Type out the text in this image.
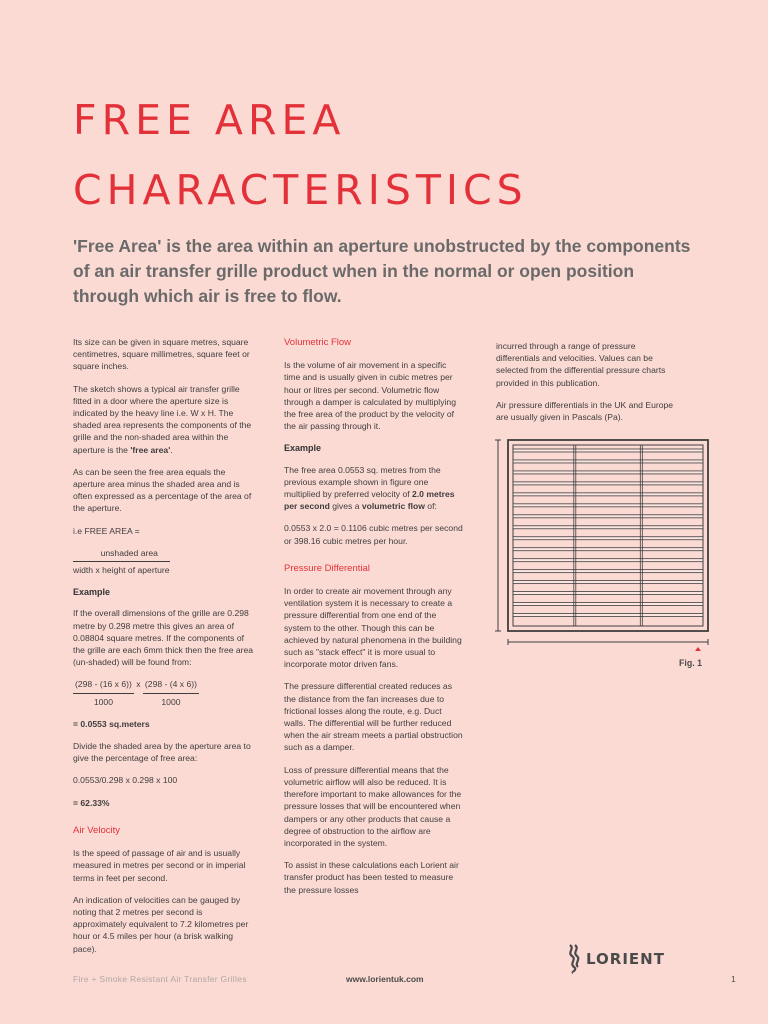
FREE AREA
CHARACTERISTICS

'Free Area' is the area within an aperture unobstructed by the components of an air transfer grille product when in the normal or open position through which air is free to flow.

Its size can be given in square metres, square centimetres, square millimetres, square feet or square inches.

The sketch shows a typical air transfer grille fitted in a door where the aperture size is indicated by the heavy line i.e. W x H. The shaded area represents the components of the grille and the non-shaded area within the aperture is the 'free area'.

As can be seen the free area equals the aperture area minus the shaded area and is often expressed as a percentage of the area of the aperture.

i.e FREE AREA =

$\frac{\text{unshaded area}}{\text{width x height of aperture}}$
Example

If the overall dimensions of the grille are 0.298 metre by 0.298 metre this gives an area of 0.08804 square metres. If the components of the grille are each 6mm thick then the free area (un-shaded) will be found from:

$\frac{(298 - (16 x 6))}{1000}$ x $\frac{(298 - (4 x 6))}{1000}$

= 0.0553 sq.meters

Divide the shaded area by the aperture area to give the percentage of free area:

0.0553/0.298 x 0.298 x 100

= 62.33%

Air Velocity

Is the speed of passage of air and is usually measured in metres per second or in imperial terms in feet per second.

An indication of velocities can be gauged by noting that 2 metres per second is approximately equivalent to 7.2 kilometres per hour or 4.5 miles per hour (a brisk walking pace).

Volumetric Flow

Is the volume of air movement in a specific time and is usually given in cubic metres per hour or litres per second. Volumetric flow through a damper is calculated by multiplying the free area of the product by the velocity of the air passing through it.

Example

The free area 0.0553 sq. metres from the previous example shown in figure one multiplied by preferred velocity of 2.0 metres per second gives a volumetric flow of:

0.0553 x 2.0 = 0.1106 cubic metres per second or 398.16 cubic metres per hour.

Pressure Differential

In order to create air movement through any ventilation system it is necessary to create a pressure differential from one end of the system to the other. Though this can be achieved by natural phenomena in the building such as "stack effect" it is more usual to incorporate motor driven fans.

The pressure differential created reduces as the distance from the fan increases due to frictional losses along the route, e.g. Duct walls. The differential will be further reduced when the air stream meets a partial obstruction such as a damper.

Loss of pressure differential means that the volumetric airflow will also be reduced. It is therefore important to make allowances for the pressure losses that will be encountered when dampers or any other products that cause a degree of obstruction to the airflow are incorporated in the system.

To assist in these calculations each Lorient air transfer product has been tested to measure the pressure losses

incurred through a range of pressure differentials and velocities. Values can be selected from the differential pressure charts provided in this publication.

Air pressure differentials in the UK and Europe are usually given in Pascals (Pa).

Fig. 1
LORIENT
Fire + Smoke Resistant Air Transfer Grilles	www.lorientuk.com	1
